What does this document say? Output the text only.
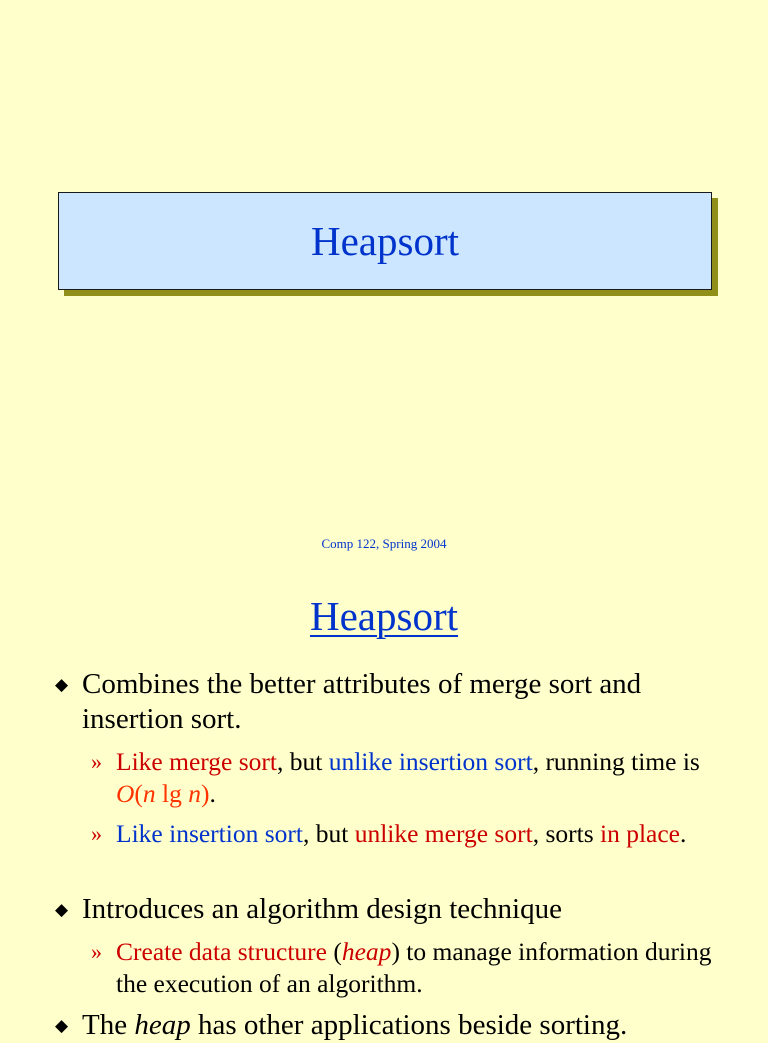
Heapsort
Comp 122, Spring 2004
Heapsort
◆ Combines the better attributes of merge sort and insertion sort.
» Like merge sort, but unlike insertion sort, running time is O(n lg n).
» Like insertion sort, but unlike merge sort, sorts in place.
◆ Introduces an algorithm design technique
» Create data structure (heap) to manage information during the execution of an algorithm.
◆ The heap has other applications beside sorting.
